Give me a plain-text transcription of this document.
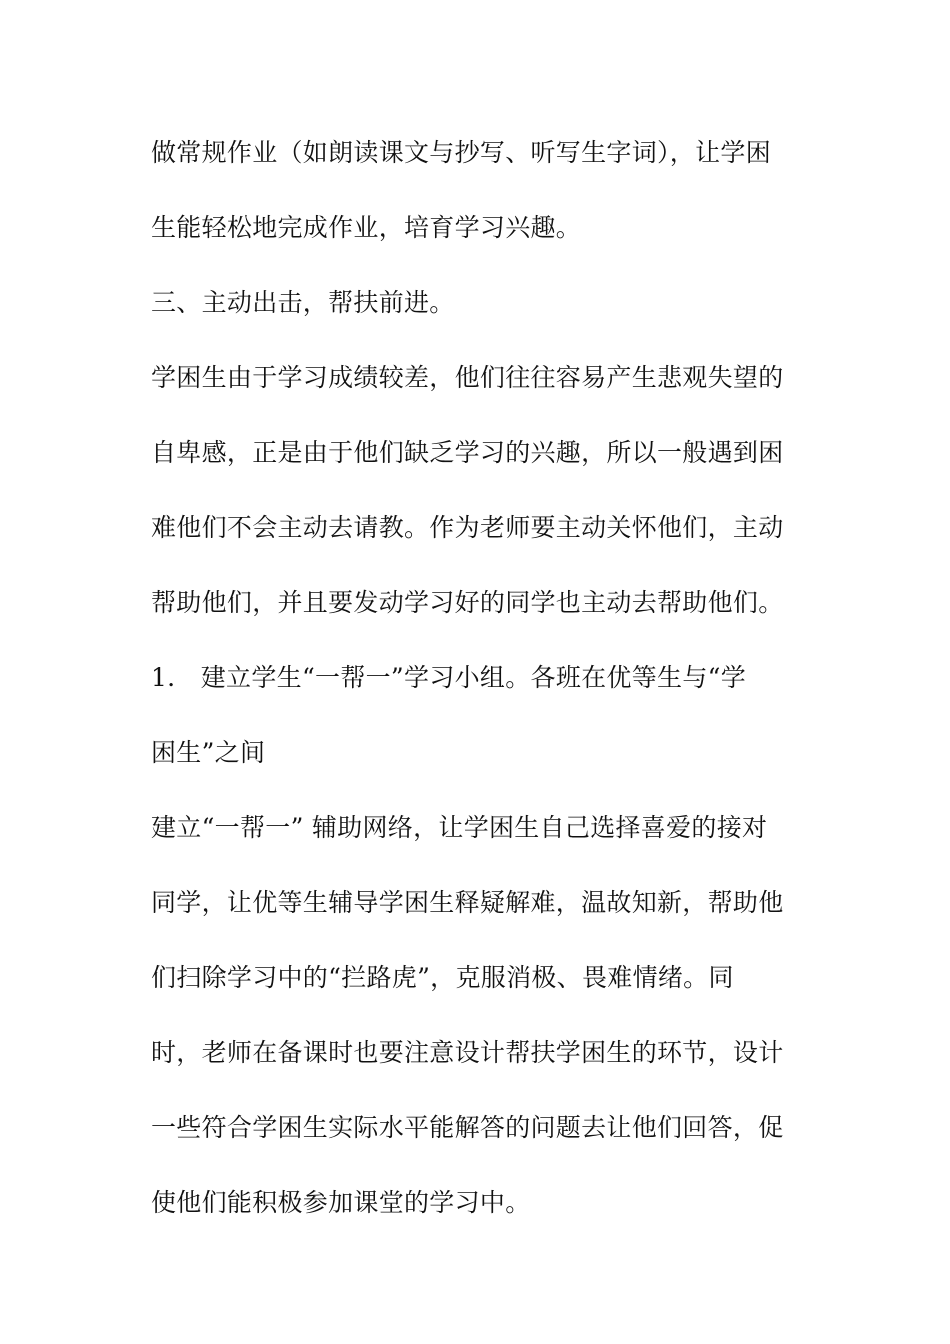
做常规作业（如朗读课文与抄写、听写生字词），让学困
生能轻松地完成作业，培育学习兴趣。
三、主动出击，帮扶前进。
学困生由于学习成绩较差，他们往往容易产生悲观失望的
自卑感，正是由于他们缺乏学习的兴趣，所以一般遇到困
难他们不会主动去请教。作为老师要主动关怀他们，主动
帮助他们，并且要发动学习好的同学也主动去帮助他们。
1． 建立学生“一帮一”学习小组。各班在优等生与“学
困生”之间
建立“一帮一” 辅助网络，让学困生自己选择喜爱的接对
同学，让优等生辅导学困生释疑解难，温故知新，帮助他
们扫除学习中的“拦路虎”，克服消极、畏难情绪。同
时，老师在备课时也要注意设计帮扶学困生的环节，设计
一些符合学困生实际水平能解答的问题去让他们回答，促
使他们能积极参加课堂的学习中。
